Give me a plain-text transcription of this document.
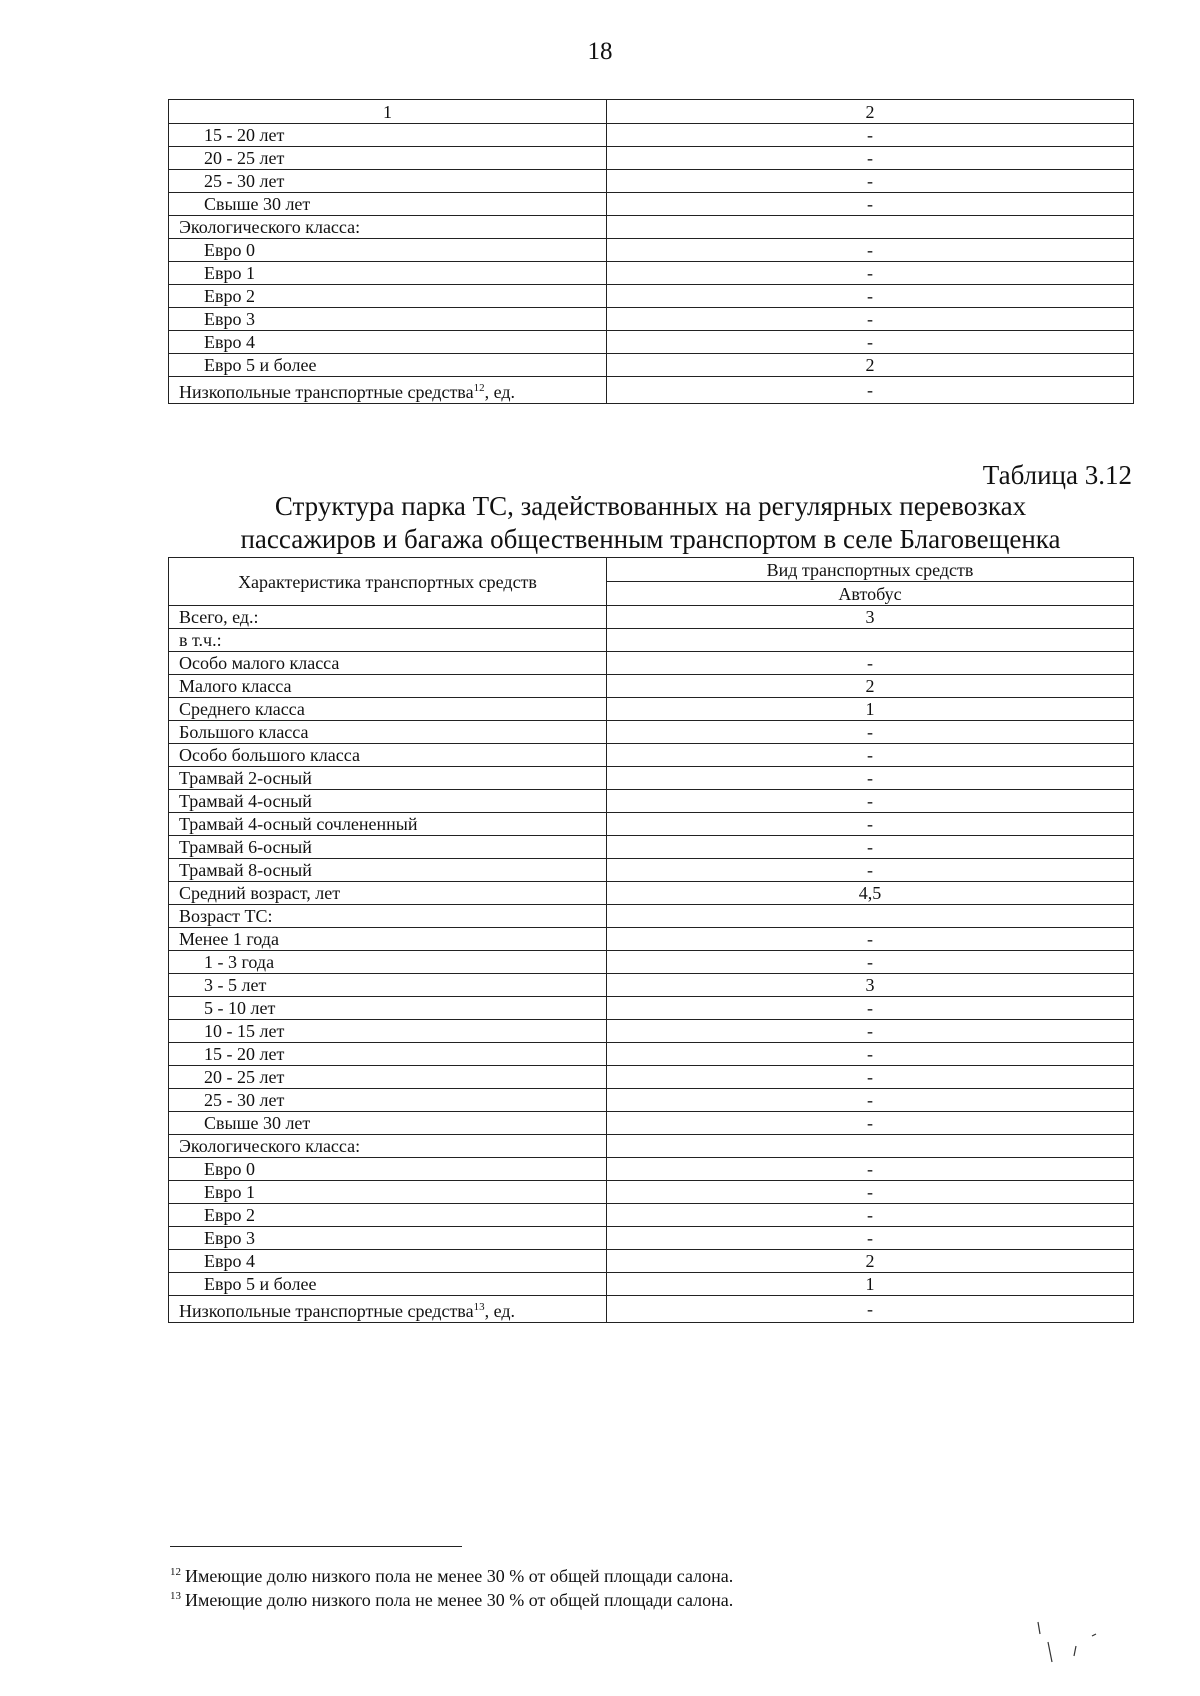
18
1	2
15 - 20 лет	-
20 - 25 лет	-
25 - 30 лет	-
Свыше 30 лет	-
Экологического класса:	
Евро 0	-
Евро 1	-
Евро 2	-
Евро 3	-
Евро 4	-
Евро 5 и более	2
Низкопольные транспортные средства$^{12}$, ед.	-
Таблица 3.12
Структура парка ТС, задействованных на регулярных перевозках
пассажиров и багажа общественным транспортом в селе Благовещенка
Характеристика транспортных средств	Вид транспортных средств
	Автобус
Всего, ед.:	3
в т.ч.:	
Особо малого класса	-
Малого класса	2
Среднего класса	1
Большого класса	-
Особо большого класса	-
Трамвай 2-осный	-
Трамвай 4-осный	-
Трамвай 4-осный сочлененный	-
Трамвай 6-осный	-
Трамвай 8-осный	-
Средний возраст, лет	4,5
Возраст ТС:	
Менее 1 года	-
1 - 3 года	-
3 - 5 лет	3
5 - 10 лет	-
10 - 15 лет	-
15 - 20 лет	-
20 - 25 лет	-
25 - 30 лет	-
Свыше 30 лет	-
Экологического класса:	
Евро 0	-
Евро 1	-
Евро 2	-
Евро 3	-
Евро 4	2
Евро 5 и более	1
Низкопольные транспортные средства$^{13}$, ед.	-
$^{12}$ Имеющие долю низкого пола не менее 30 % от общей площади салона.
$^{13}$ Имеющие долю низкого пола не менее 30 % от общей площади салона.
